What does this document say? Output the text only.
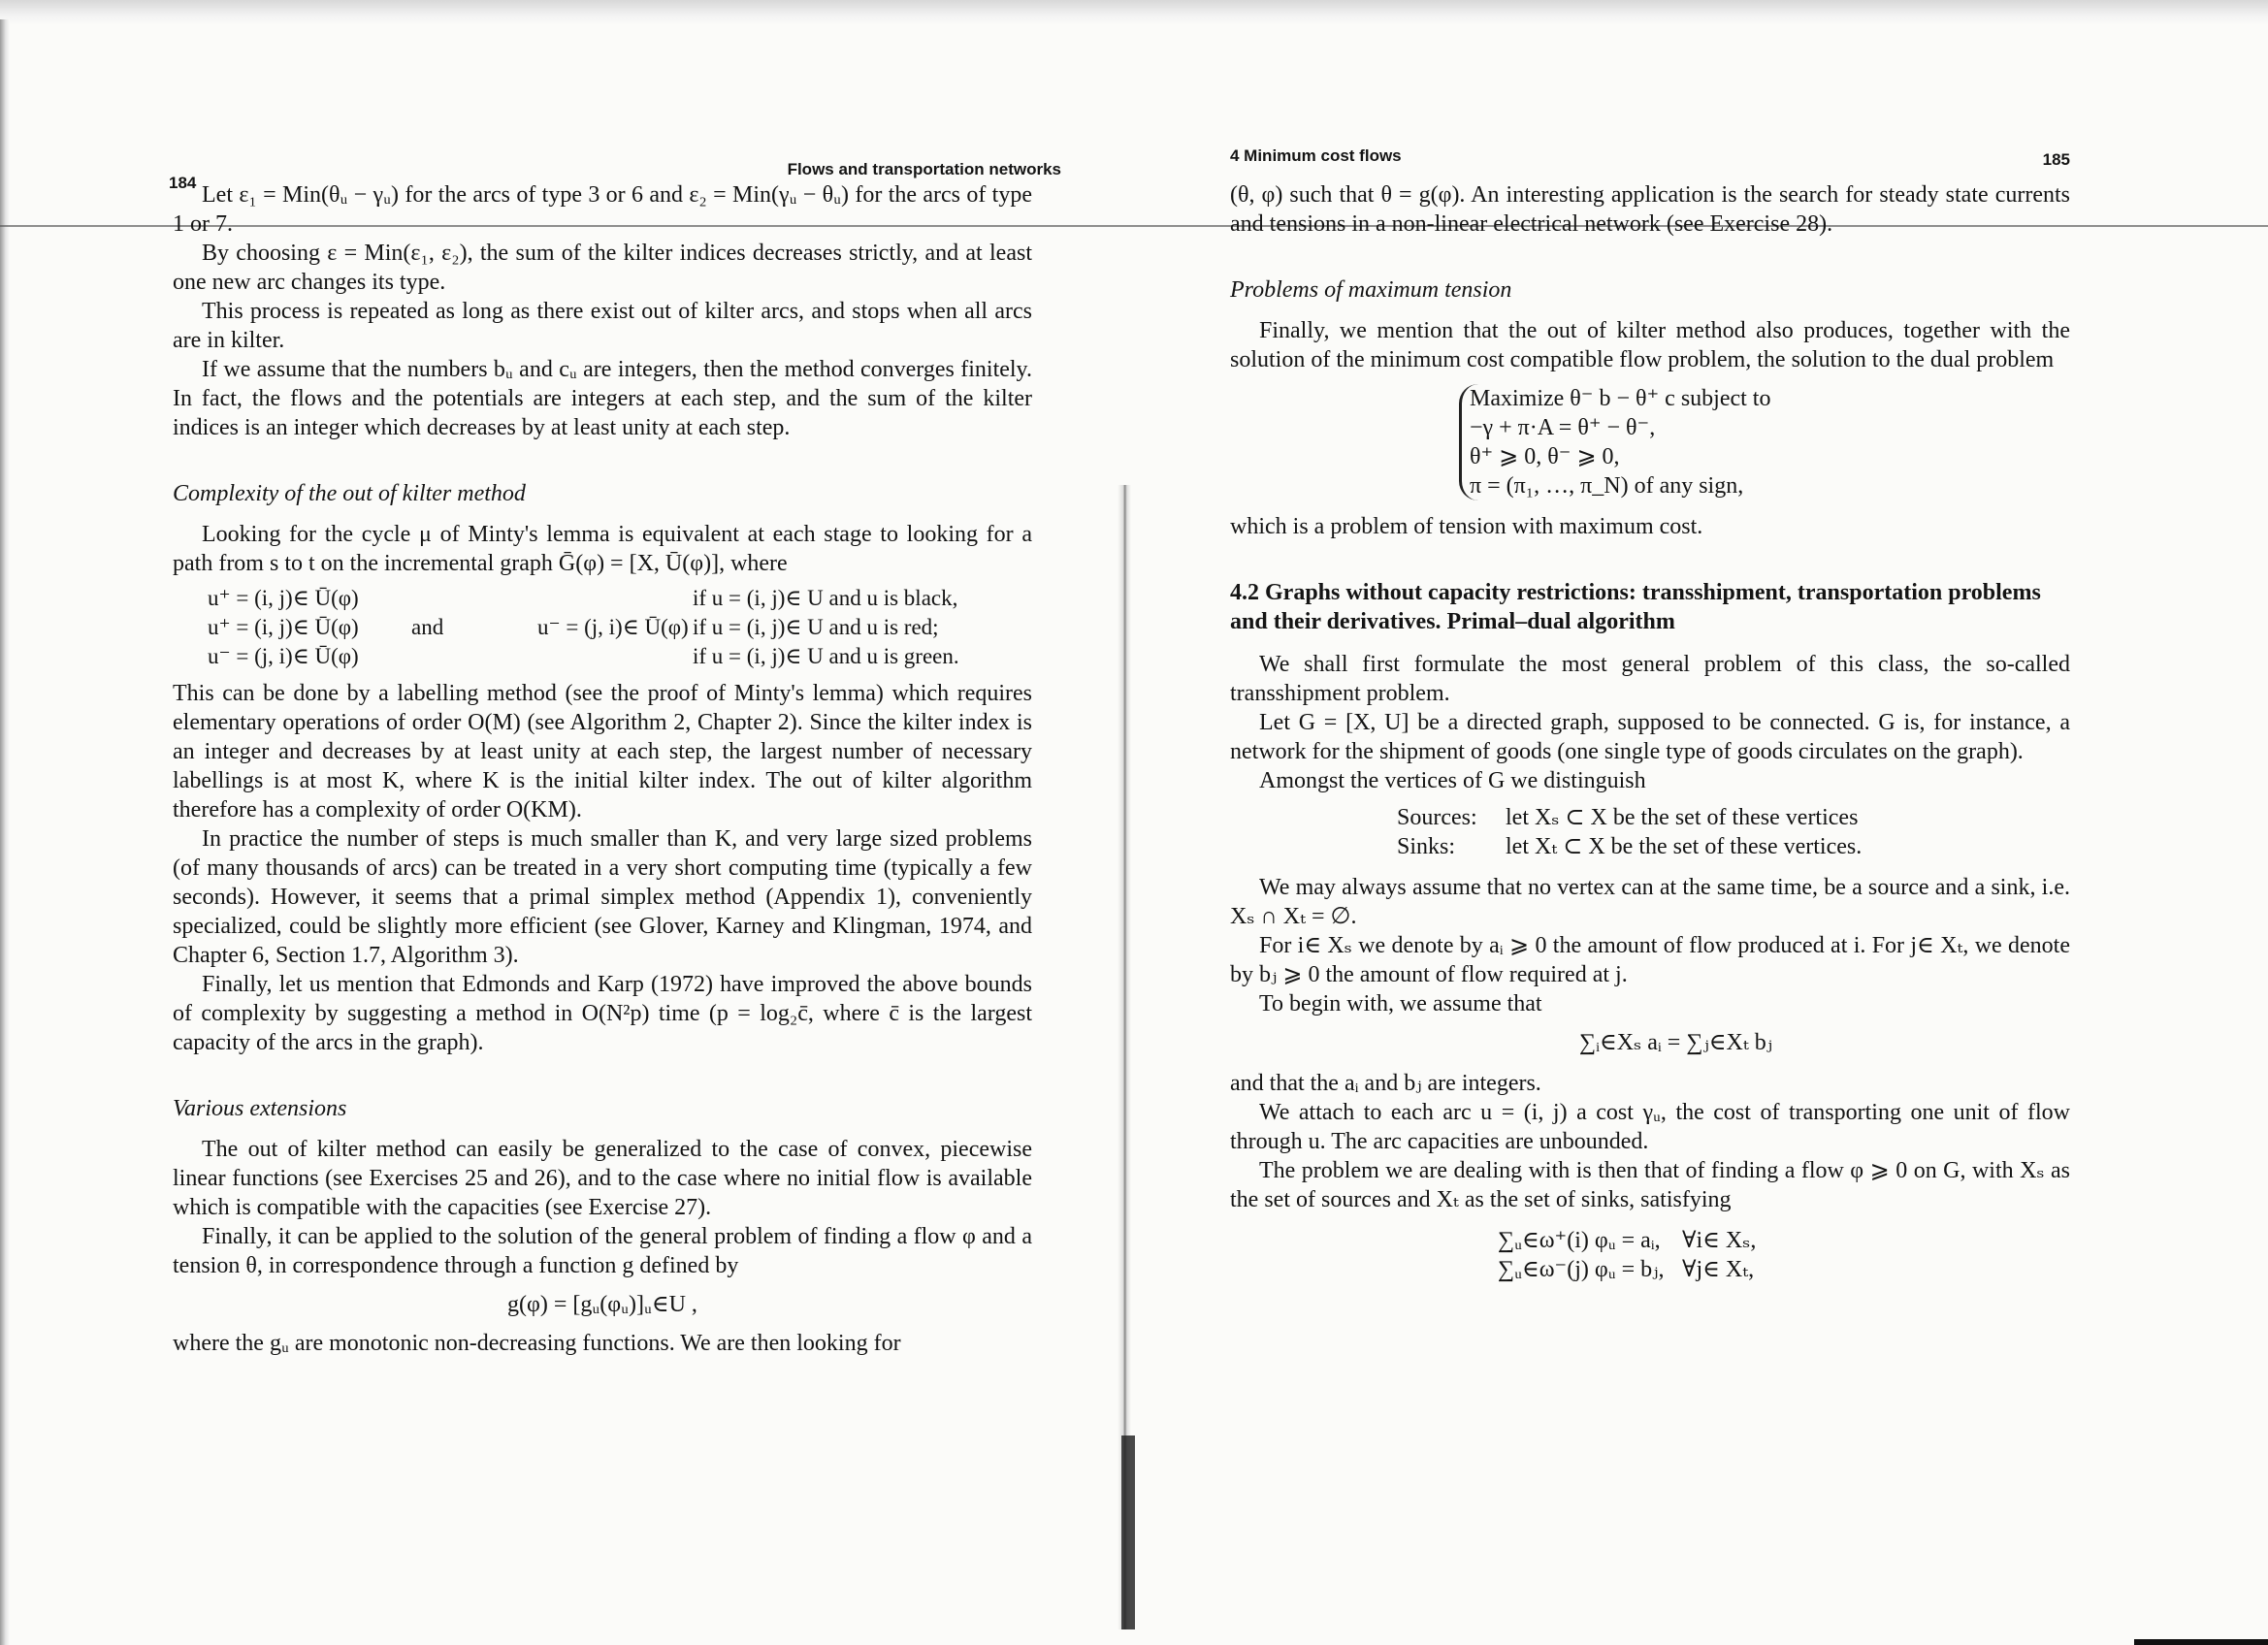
184
Flows and transportation networks

Let ε₁ = Min(θᵤ − γᵤ) for the arcs of type 3 or 6 and ε₂ = Min(γᵤ − θᵤ) for the arcs of type 1 or 7.

By choosing ε = Min(ε₁, ε₂), the sum of the kilter indices decreases strictly, and at least one new arc changes its type.

This process is repeated as long as there exist out of kilter arcs, and stops when all arcs are in kilter.

If we assume that the numbers bᵤ and cᵤ are integers, then the method converges finitely. In fact, the flows and the potentials are integers at each step, and the sum of the kilter indices is an integer which decreases by at least unity at each step.

Complexity of the out of kilter method

Looking for the cycle μ of Minty's lemma is equivalent at each stage to looking for a path from s to t on the incremental graph Ḡ(φ) = [X, Ū(φ)], where

u⁺ = (i, j)∈ Ū(φ)	if u = (i, j)∈ U and u is black,
u⁺ = (i, j)∈ Ū(φ)	and	u⁻ = (j, i)∈ Ū(φ) if u = (i, j)∈ U and u is red;
u⁻ = (j, i)∈ Ū(φ)	if u = (i, j)∈ U and u is green.

This can be done by a labelling method (see the proof of Minty's lemma) which requires elementary operations of order O(M) (see Algorithm 2, Chapter 2). Since the kilter index is an integer and decreases by at least unity at each step, the largest number of necessary labellings is at most K, where K is the initial kilter index. The out of kilter algorithm therefore has a complexity of order O(KM).

In practice the number of steps is much smaller than K, and very large sized problems (of many thousands of arcs) can be treated in a very short computing time (typically a few seconds). However, it seems that a primal simplex method (Appendix 1), conveniently specialized, could be slightly more efficient (see Glover, Karney and Klingman, 1974, and Chapter 6, Section 1.7, Algorithm 3).

Finally, let us mention that Edmonds and Karp (1972) have improved the above bounds of complexity by suggesting a method in O(N²p) time (p = log₂c̄, where c̄ is the largest capacity of the arcs in the graph).

Various extensions

The out of kilter method can easily be generalized to the case of convex, piecewise linear functions (see Exercises 25 and 26), and to the case where no initial flow is available which is compatible with the capacities (see Exercise 27).

Finally, it can be applied to the solution of the general problem of finding a flow φ and a tension θ, in correspondence through a function g defined by

g(φ) = [gᵤ(φᵤ)]ᵤ∈U ,

where the gᵤ are monotonic non-decreasing functions. We are then looking for

4 Minimum cost flows	185

(θ, φ) such that θ = g(φ). An interesting application is the search for steady state currents and tensions in a non-linear electrical network (see Exercise 28).

Problems of maximum tension

Finally, we mention that the out of kilter method also produces, together with the solution of the minimum cost compatible flow problem, the solution to the dual problem

Maximize θ⁻ b − θ⁺ c subject to
−γ + π·A = θ⁺ − θ⁻,
θ⁺ ⩾ 0, θ⁻ ⩾ 0,
π = (π₁, …, π_N) of any sign,

which is a problem of tension with maximum cost.

4.2 Graphs without capacity restrictions: transshipment, transportation problems and their derivatives. Primal–dual algorithm

We shall first formulate the most general problem of this class, the so-called transshipment problem.

Let G = [X, U] be a directed graph, supposed to be connected. G is, for instance, a network for the shipment of goods (one single type of goods circulates on the graph).

Amongst the vertices of G we distinguish

Sources:	let Xₛ ⊂ X be the set of these vertices
Sinks:	let Xₜ ⊂ X be the set of these vertices.

We may always assume that no vertex can at the same time, be a source and a sink, i.e. Xₛ ∩ Xₜ = ∅.

For i∈ Xₛ we denote by aᵢ ⩾ 0 the amount of flow produced at i. For j∈ Xₜ, we denote by bⱼ ⩾ 0 the amount of flow required at j.

To begin with, we assume that

∑ᵢ∈Xₛ aᵢ = ∑ⱼ∈Xₜ bⱼ

and that the aᵢ and bⱼ are integers.

We attach to each arc u = (i, j) a cost γᵤ, the cost of transporting one unit of flow through u. The arc capacities are unbounded.

The problem we are dealing with is then that of finding a flow φ ⩾ 0 on G, with Xₛ as the set of sources and Xₜ as the set of sinks, satisfying

∑ᵤ∈ω⁺(i) φᵤ = aᵢ, ∀i∈ Xₛ,
∑ᵤ∈ω⁻(j) φᵤ = bⱼ, ∀j∈ Xₜ,
